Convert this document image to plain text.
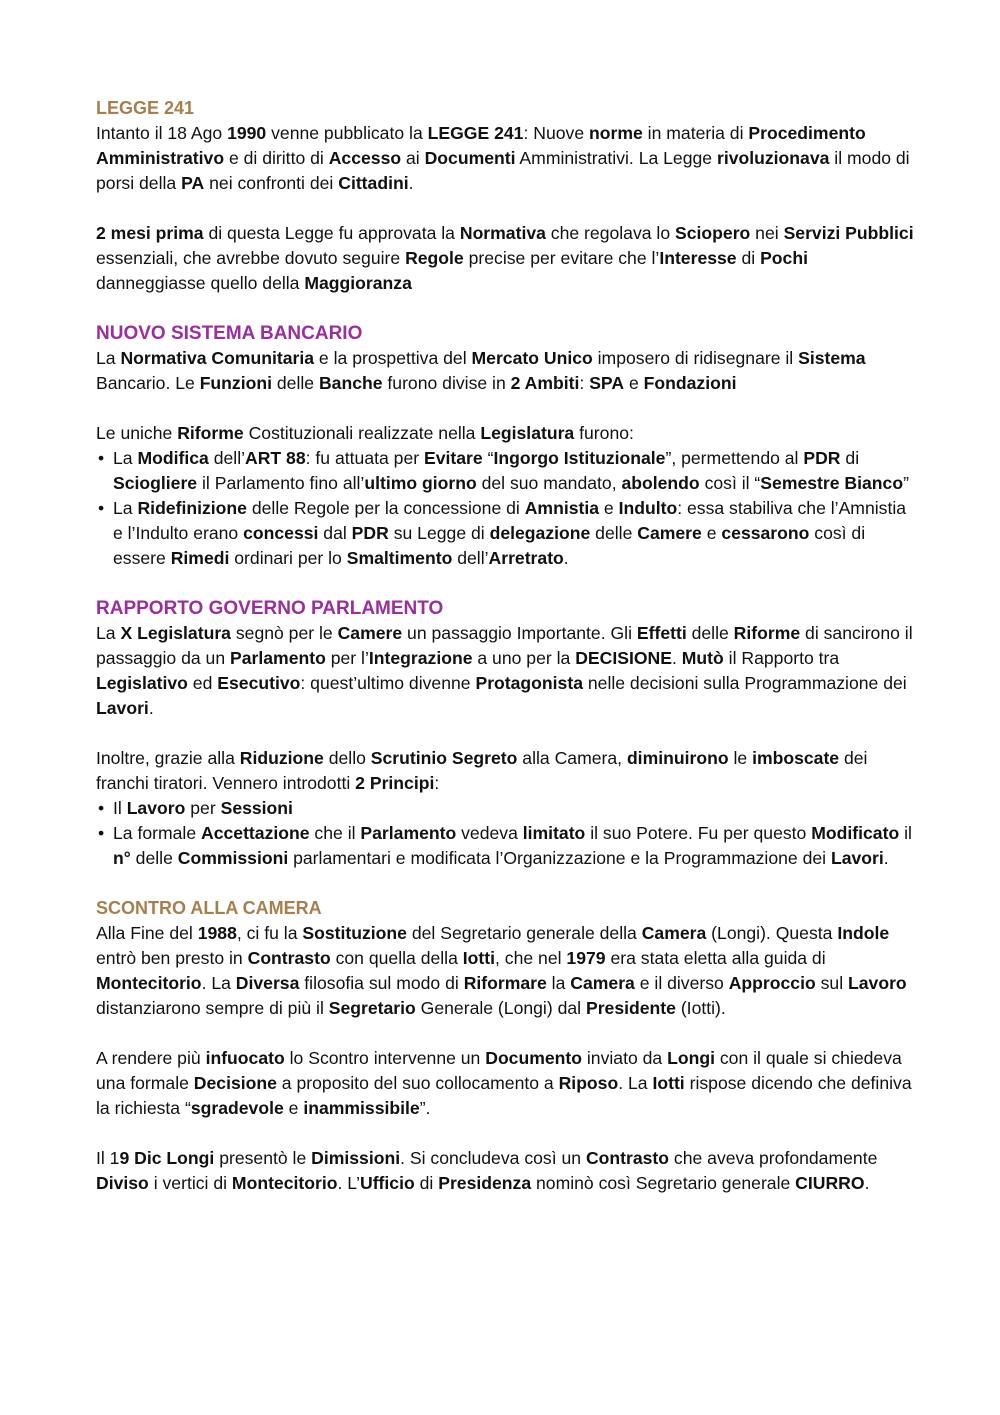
LEGGE 241

Intanto il 18 Ago 1990 venne pubblicato la LEGGE 241: Nuove norme in materia di Procedimento Amministrativo e di diritto di Accesso ai Documenti Amministrativi. La Legge rivoluzionava il modo di porsi della PA nei confronti dei Cittadini.

2 mesi prima di questa Legge fu approvata la Normativa che regolava lo Sciopero nei Servizi Pubblici essenziali, che avrebbe dovuto seguire Regole precise per evitare che l’Interesse di Pochi danneggiasse quello della Maggioranza

NUOVO SISTEMA BANCARIO

La Normativa Comunitaria e la prospettiva del Mercato Unico imposero di ridisegnare il Sistema Bancario. Le Funzioni delle Banche furono divise in 2 Ambiti: SPA e Fondazioni

Le uniche Riforme Costituzionali realizzate nella Legislatura furono:

• La Modifica dell’ART 88: fu attuata per Evitare “Ingorgo Istituzionale”, permettendo al PDR di Sciogliere il Parlamento fino all’ultimo giorno del suo mandato, abolendo così il “Semestre Bianco”
• La Ridefinizione delle Regole per la concessione di Amnistia e Indulto: essa stabiliva che l’Amnistia e l’Indulto erano concessi dal PDR su Legge di delegazione delle Camere e cessarono così di essere Rimedi ordinari per lo Smaltimento dell’Arretrato.
RAPPORTO GOVERNO PARLAMENTO

La X Legislatura segnò per le Camere un passaggio Importante. Gli Effetti delle Riforme di sancirono il passaggio da un Parlamento per l’Integrazione a uno per la DECISIONE. Mutò il Rapporto tra Legislativo ed Esecutivo: quest’ultimo divenne Protagonista nelle decisioni sulla Programmazione dei Lavori.

Inoltre, grazie alla Riduzione dello Scrutinio Segreto alla Camera, diminuirono le imboscate dei franchi tiratori. Vennero introdotti 2 Principi:

• Il Lavoro per Sessioni
• La formale Accettazione che il Parlamento vedeva limitato il suo Potere. Fu per questo Modificato il n° delle Commissioni parlamentari e modificata l’Organizzazione e la Programmazione dei Lavori.
SCONTRO ALLA CAMERA

Alla Fine del 1988, ci fu la Sostituzione del Segretario generale della Camera (Longi). Questa Indole entrò ben presto in Contrasto con quella della Iotti, che nel 1979 era stata eletta alla guida di Montecitorio. La Diversa filosofia sul modo di Riformare la Camera e il diverso Approccio sul Lavoro distanziarono sempre di più il Segretario Generale (Longi) dal Presidente (Iotti).

A rendere più infuocato lo Scontro intervenne un Documento inviato da Longi con il quale si chiedeva una formale Decisione a proposito del suo collocamento a Riposo. La Iotti rispose dicendo che definiva la richiesta “sgradevole e inammissibile”.

Il 19 Dic Longi presentò le Dimissioni. Si concludeva così un Contrasto che aveva profondamente Diviso i vertici di Montecitorio. L’Ufficio di Presidenza nominò così Segretario generale CIURRO.
